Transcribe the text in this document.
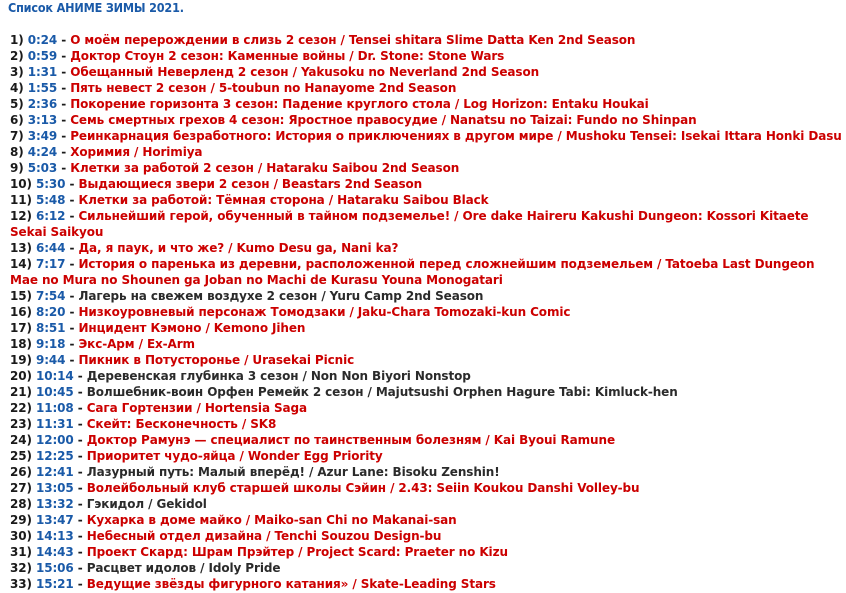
Список АНИМЕ ЗИМЫ 2021.
1) 0:24 - О моём перерождении в слизь 2 сезон / Tensei shitara Slime Datta Ken 2nd Season
2) 0:59 - Доктор Стоун 2 сезон: Каменные войны / Dr. Stone: Stone Wars
3) 1:31 - Обещанный Неверленд 2 сезон / Yakusoku no Neverland 2nd Season
4) 1:55 - Пять невест 2 сезон / 5-toubun no Hanayome 2nd Season
5) 2:36 - Покорение горизонта 3 сезон: Падение круглого стола / Log Horizon: Entaku Houkai
6) 3:13 - Семь смертных грехов 4 сезон: Яростное правосудие / Nanatsu no Taizai: Fundo no Shinpan
7) 3:49 - Реинкарнация безработного: История о приключениях в другом мире / Mushoku Tensei: Isekai Ittara Honki Dasu
8) 4:24 - Хоримия / Horimiya
9) 5:03 - Клетки за работой 2 сезон / Hataraku Saibou 2nd Season
10) 5:30 - Выдающиеся звери 2 сезон / Beastars 2nd Season
11) 5:48 - Клетки за работой: Тёмная сторона / Hataraku Saibou Black
12) 6:12 - Сильнейший герой, обученный в тайном подземелье! / Ore dake Haireru Kakushi Dungeon: Kossori Kitaete Sekai Saikyou
13) 6:44 - Да, я паук, и что же? / Kumo Desu ga, Nani ka?
14) 7:17 - История о паренька из деревни, расположенной перед сложнейшим подземельем / Tatoeba Last Dungeon Mae no Mura no Shounen ga Joban no Machi de Kurasu Youna Monogatari
15) 7:54 - Лагерь на свежем воздухе 2 сезон / Yuru Camp 2nd Season
16) 8:20 - Низкоуровневый персонаж Томодзаки / Jaku-Chara Tomozaki-kun Comic
17) 8:51 - Инцидент Кэмоно / Kemono Jihen
18) 9:18 - Экс-Арм / Ex-Arm
19) 9:44 - Пикник в Потусторонье / Urasekai Picnic
20) 10:14 - Деревенская глубинка 3 сезон / Non Non Biyori Nonstop
21) 10:45 - Волшебник-воин Орфен Ремейк 2 сезон / Majutsushi Orphen Hagure Tabi: Kimluck-hen
22) 11:08 - Сага Гортензии / Hortensia Saga
23) 11:31 - Скейт: Бесконечность / SK8
24) 12:00 - Доктор Рамунэ — специалист по таинственным болезням / Kai Byoui Ramune
25) 12:25 - Приоритет чудо-яйца / Wonder Egg Priority
26) 12:41 - Лазурный путь: Малый вперёд! / Azur Lane: Bisoku Zenshin!
27) 13:05 - Волейбольный клуб старшей школы Сэйин / 2.43: Seiin Koukou Danshi Volley-bu
28) 13:32 - Гэкидол / Gekidol
29) 13:47 - Кухарка в доме майко / Maiko-san Chi no Makanai-san
30) 14:13 - Небесный отдел дизайна / Tenchi Souzou Design-bu
31) 14:43 - Проект Скард: Шрам Прэйтер / Project Scard: Praeter no Kizu
32) 15:06 - Расцвет идолов / Idoly Pride
33) 15:21 - Ведущие звёзды фигурного катания» / Skate-Leading Stars
